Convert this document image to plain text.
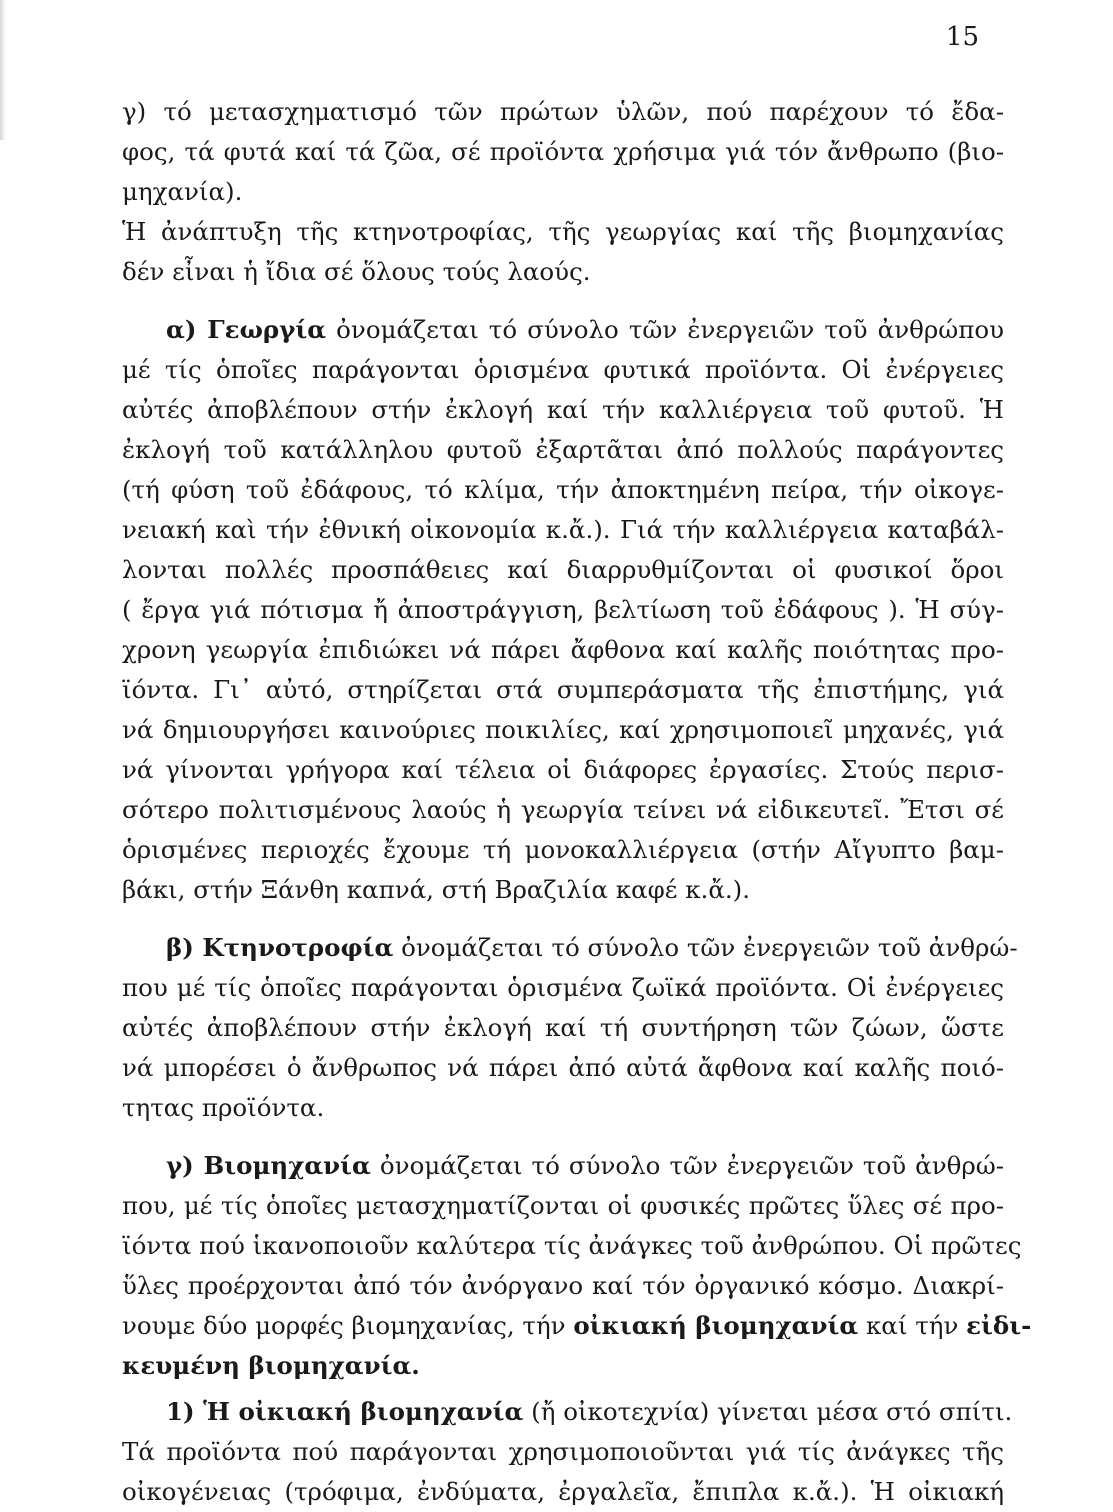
15
γ) τό μετασχηματισμό τῶν πρώτων ὑλῶν, πού παρέχουν τό ἔδα-
φος, τά φυτά καί τά ζῶα, σέ προϊόντα χρήσιμα γιά τόν ἄνθρωπο (βιο-
μηχανία).
Ἡ ἀνάπτυξη τῆς κτηνοτροφίας, τῆς γεωργίας καί τῆς βιομηχανίας
δέν εἶναι ἡ ἴδια σέ ὅλους τούς λαούς.
α) Γεωργία ὀνομάζεται τό σύνολο τῶν ἐνεργειῶν τοῦ ἀνθρώπου
μέ τίς ὁποῖες παράγονται ὁρισμένα φυτικά προϊόντα. Οἱ ἐνέργειες
αὐτές ἀποβλέπουν στήν ἐκλογή καί τήν καλλιέργεια τοῦ φυτοῦ. Ἡ
ἐκλογή τοῦ κατάλληλου φυτοῦ ἐξαρτᾶται ἀπό πολλούς παράγοντες
(τή φύση τοῦ ἐδάφους, τό κλίμα, τήν ἀποκτημένη πείρα, τήν οἰκογε-
νειακή καὶ τήν ἐθνική οἰκονομία κ.ἄ.). Γιά τήν καλλιέργεια καταβάλ-
λονται πολλές προσπάθειες καί διαρρυθμίζονται οἱ φυσικοί ὅροι
( ἔργα γιά πότισμα ἤ ἀποστράγγιση, βελτίωση τοῦ ἐδάφους ). Ἡ σύγ-
χρονη γεωργία ἐπιδιώκει νά πάρει ἄφθονα καί καλῆς ποιότητας προ-
ϊόντα. Γι᾿ αὐτό, στηρίζεται στά συμπεράσματα τῆς ἐπιστήμης, γιά
νά δημιουργήσει καινούριες ποικιλίες, καί χρησιμοποιεῖ μηχανές, γιά
νά γίνονται γρήγορα καί τέλεια οἱ διάφορες ἐργασίες. Στούς περισ-
σότερο πολιτισμένους λαούς ἡ γεωργία τείνει νά εἰδικευτεῖ. Ἔτσι σέ
ὁρισμένες περιοχές ἔχουμε τή μονοκαλλιέργεια (στήν Αἴγυπτο βαμ-
βάκι, στήν Ξάνθη καπνά, στή Βραζιλία καφέ κ.ἄ.).
β) Κτηνοτροφία ὀνομάζεται τό σύνολο τῶν ἐνεργειῶν τοῦ ἀνθρώ-
που μέ τίς ὁποῖες παράγονται ὁρισμένα ζωϊκά προϊόντα. Οἱ ἐνέργειες
αὐτές ἀποβλέπουν στήν ἐκλογή καί τή συντήρηση τῶν ζώων, ὥστε
νά μπορέσει ὁ ἄνθρωπος νά πάρει ἀπό αὐτά ἄφθονα καί καλῆς ποιό-
τητας προϊόντα.
γ) Βιομηχανία ὀνομάζεται τό σύνολο τῶν ἐνεργειῶν τοῦ ἀνθρώ-
που, μέ τίς ὁποῖες μετασχηματίζονται οἱ φυσικές πρῶτες ὕλες σέ προ-
ϊόντα πού ἱκανοποιοῦν καλύτερα τίς ἀνάγκες τοῦ ἀνθρώπου. Οἱ πρῶτες
ὕλες προέρχονται ἀπό τόν ἀνόργανο καί τόν ὀργανικό κόσμο. Διακρί-
νουμε δύο μορφές βιομηχανίας, τήν οἰκιακή βιομηχανία καί τήν εἰδι-
κευμένη βιομηχανία.
1) Ἡ οἰκιακή βιομηχανία (ἤ οἰκοτεχνία) γίνεται μέσα στό σπίτι.
Τά προϊόντα πού παράγονται χρησιμοποιοῦνται γιά τίς ἀνάγκες τῆς
οἰκογένειας (τρόφιμα, ἐνδύματα, ἐργαλεῖα, ἔπιπλα κ.ἄ.). Ἡ οἰκιακή
